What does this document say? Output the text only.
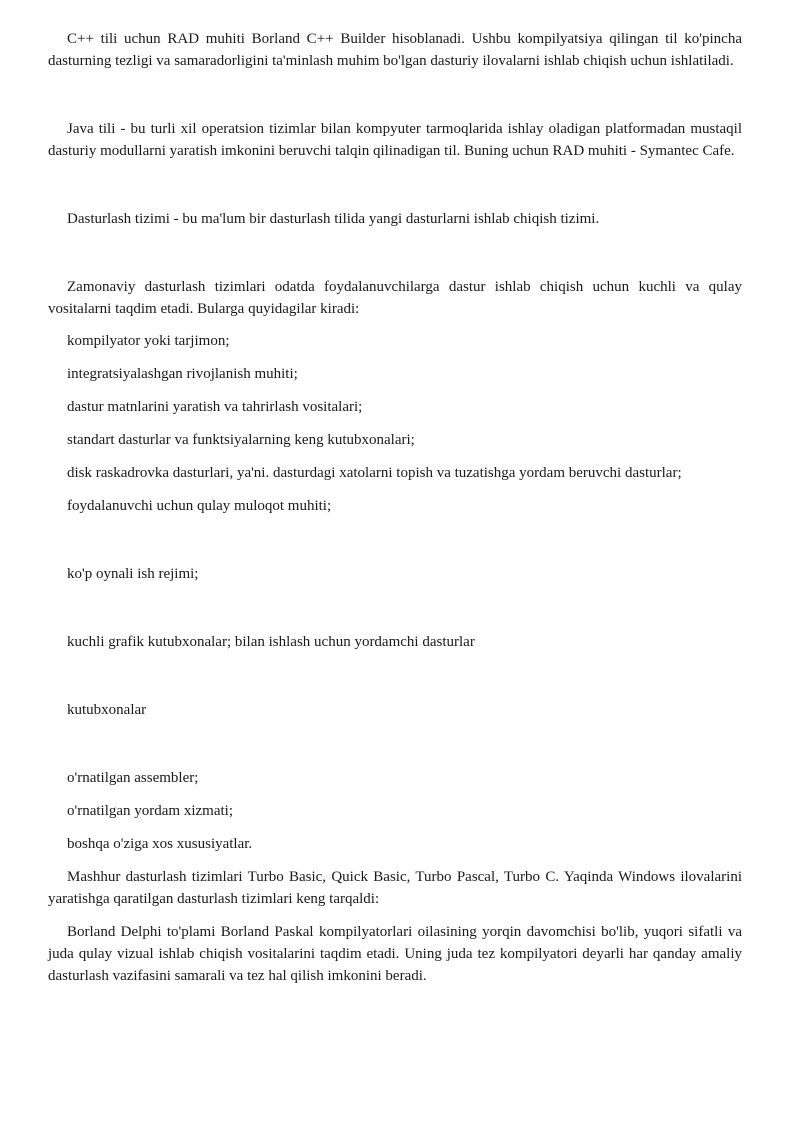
C++ tili uchun RAD muhiti Borland C++ Builder hisoblanadi. Ushbu kompilyatsiya qilingan til ko'pincha dasturning tezligi va samaradorligini ta'minlash muhim bo'lgan dasturiy ilovalarni ishlab chiqish uchun ishlatiladi.

Java tili - bu turli xil operatsion tizimlar bilan kompyuter tarmoqlarida ishlay oladigan platformadan mustaqil dasturiy modullarni yaratish imkonini beruvchi talqin qilinadigan til. Buning uchun RAD muhiti - Symantec Cafe.

Dasturlash tizimi - bu ma'lum bir dasturlash tilida yangi dasturlarni ishlab chiqish tizimi.

Zamonaviy dasturlash tizimlari odatda foydalanuvchilarga dastur ishlab chiqish uchun kuchli va qulay vositalarni taqdim etadi. Bularga quyidagilar kiradi:

kompilyator yoki tarjimon;

integratsiyalashgan rivojlanish muhiti;

dastur matnlarini yaratish va tahrirlash vositalari;

standart dasturlar va funktsiyalarning keng kutubxonalari;

disk raskadrovka dasturlari, ya'ni. dasturdagi xatolarni topish va tuzatishga yordam beruvchi dasturlar;

foydalanuvchi uchun qulay muloqot muhiti;

ko'p oynali ish rejimi;

kuchli grafik kutubxonalar; bilan ishlash uchun yordamchi dasturlar

kutubxonalar

o'rnatilgan assembler;

o'rnatilgan yordam xizmati;

boshqa o'ziga xos xususiyatlar.

Mashhur dasturlash tizimlari Turbo Basic, Quick Basic, Turbo Pascal, Turbo C. Yaqinda Windows ilovalarini yaratishga qaratilgan dasturlash tizimlari keng tarqaldi:

Borland Delphi to'plami Borland Paskal kompilyatorlari oilasining yorqin davomchisi bo'lib, yuqori sifatli va juda qulay vizual ishlab chiqish vositalarini taqdim etadi. Uning juda tez kompilyatori deyarli har qanday amaliy dasturlash vazifasini samarali va tez hal qilish imkonini beradi.
